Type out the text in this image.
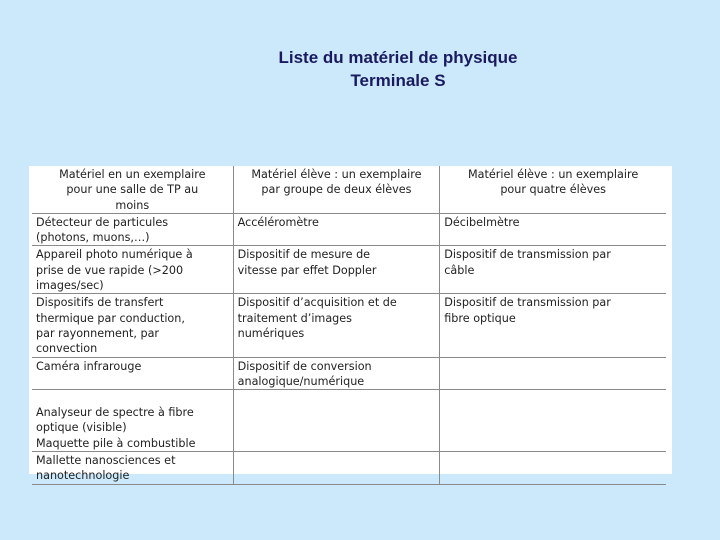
Liste du matériel de physique
Terminale S
Matériel en un exemplaire
pour une salle de TP au
moins	Matériel élève : un exemplaire
par groupe de deux élèves	Matériel élève : un exemplaire
pour quatre élèves

Détecteur de particules
(photons, muons,…)	Accéléromètre	Décibelmètre

Appareil photo numérique à
prise de vue rapide (>200
images/sec)	Dispositif de mesure de
vitesse par effet Doppler	Dispositif de transmission par
câble

Dispositifs de transfert
thermique par conduction,
par rayonnement, par
convection	Dispositif d’acquisition et de
traitement d’images
numériques	Dispositif de transmission par
fibre optique

Caméra infrarouge	Dispositif de conversion
analogique/numérique	

Analyseur de spectre à fibre
optique (visible)
Maquette pile à combustible		

Mallette nanosciences et
nanotechnologie		
